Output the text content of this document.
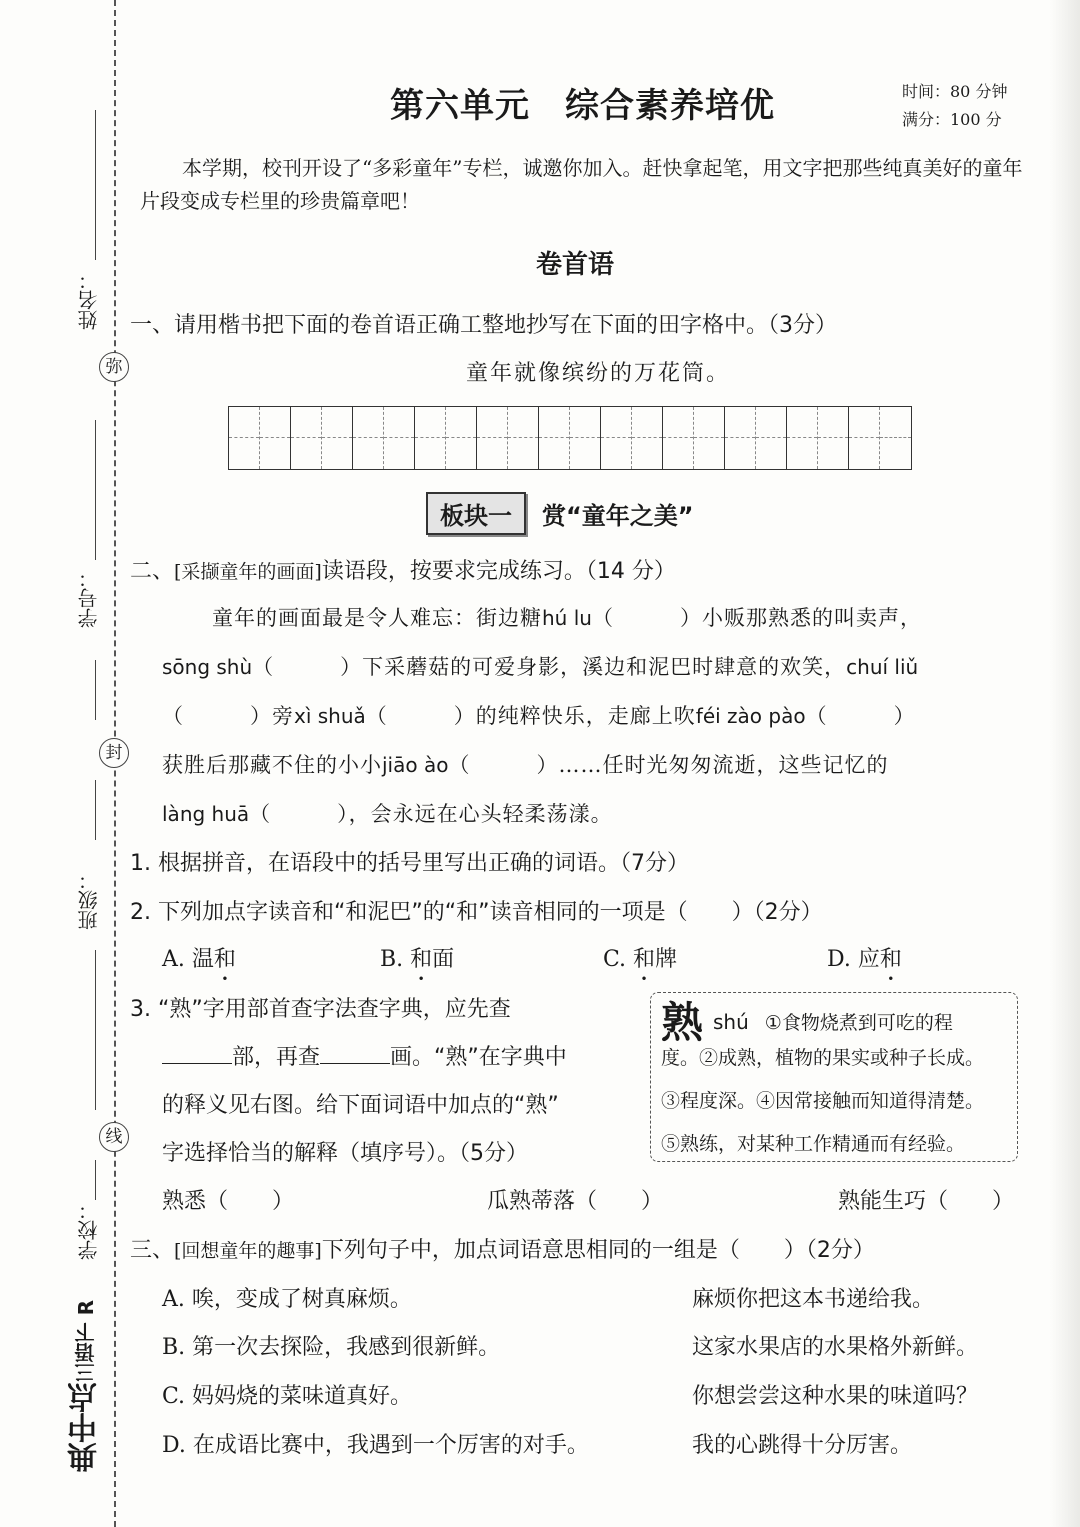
姓名：
弥
学号：
封
班级：
线
学校：
典中点三语下 R
第六单元　综合素养培优	时间：80 分钟
满分：100 分
本学期，校刊开设了“多彩童年”专栏，诚邀你加入。赶快拿起笔，用文字把那些纯真美好的童年片段变成专栏里的珍贵篇章吧！
卷首语
一、请用楷书把下面的卷首语正确工整地抄写在下面的田字格中。（3分）
童年就像缤纷的万花筒。
板块一	赏“童年之美”
二、[采撷童年的画面]读语段，按要求完成练习。（14 分）
童年的画面最是令人难忘：街边糖hú lu（　　　）小贩那熟悉的叫卖声，
sōng shù（　　　）下采蘑菇的可爱身影，溪边和泥巴时肆意的欢笑，chuí liǔ
（　　　）旁xì shuǎ（　　　）的纯粹快乐，走廊上吹féi zào pào（　　　）
获胜后那藏不住的小小jiāo ào（　　　）……任时光匆匆流逝，这些记忆的
làng huā（　　　），会永远在心头轻柔荡漾。
1. 根据拼音，在语段中的括号里写出正确的词语。（7分）
2. 下列加点字读音和“和泥巴”的“和”读音相同的一项是（　　）（2分）
A. 温和	B. 和面	C. 和牌	D. 应和
3. “熟”字用部首查字法查字典，应先查
部，再查	画。“熟”在字典中
的释义见右图。给下面词语中加点的“熟”
字选择恰当的解释（填序号）。（5分）
熟shú ①食物烧煮到可吃的程
度。②成熟，植物的果实或种子长成。
③程度深。④因常接触而知道得清楚。
⑤熟练，对某种工作精通而有经验。
熟悉（　　）	瓜熟蒂落（　　）	熟能生巧（　　）
三、[回想童年的趣事]下列句子中，加点词语意思相同的一组是（　　）（2分）
A. 唉，变成了树真麻烦。	麻烦你把这本书递给我。
B. 第一次去探险，我感到很新鲜。	这家水果店的水果格外新鲜。
C. 妈妈烧的菜味道真好。	你想尝尝这种水果的味道吗？
D. 在成语比赛中，我遇到一个厉害的对手。	我的心跳得十分厉害。
